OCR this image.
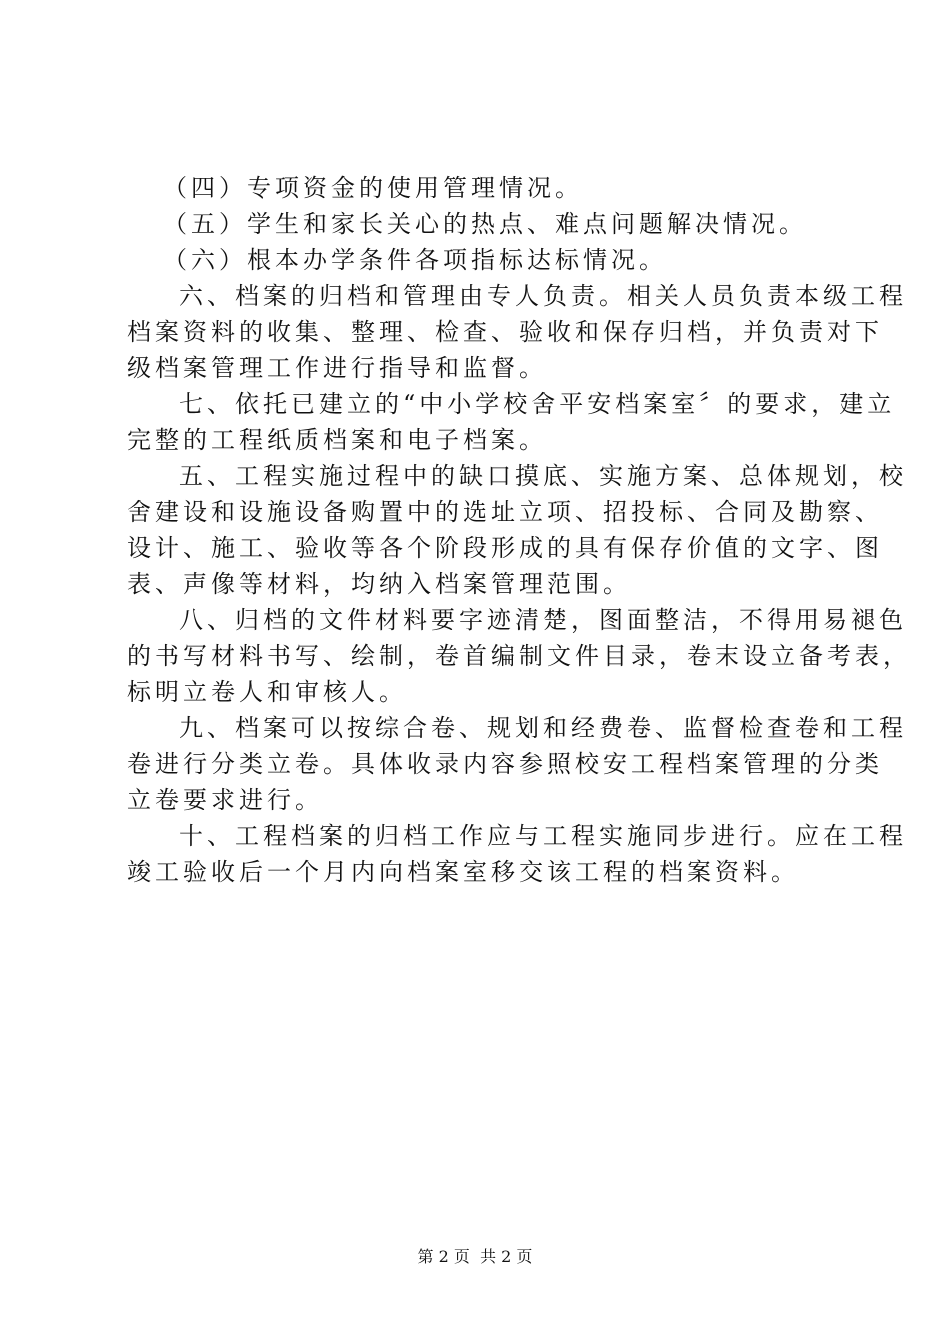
（四）专项资金的使用管理情况。
（五）学生和家长关心的热点、难点问题解决情况。
（六）根本办学条件各项指标达标情况。
六、档案的归档和管理由专人负责。相关人员负责本级工程
档案资料的收集、整理、检查、验收和保存归档，并负责对下
级档案管理工作进行指导和监督。
七、依托已建立的“中小学校舍平安档案室〞的要求，建立
完整的工程纸质档案和电子档案。
五、工程实施过程中的缺口摸底、实施方案、总体规划，校
舍建设和设施设备购置中的选址立项、招投标、合同及勘察、
设计、施工、验收等各个阶段形成的具有保存价值的文字、图
表、声像等材料，均纳入档案管理范围。
八、归档的文件材料要字迹清楚，图面整洁，不得用易褪色
的书写材料书写、绘制，卷首编制文件目录，卷末设立备考表，
标明立卷人和审核人。
九、档案可以按综合卷、规划和经费卷、监督检查卷和工程
卷进行分类立卷。具体收录内容参照校安工程档案管理的分类
立卷要求进行。
十、工程档案的归档工作应与工程实施同步进行。应在工程
竣工验收后一个月内向档案室移交该工程的档案资料。
第 2 页  共 2 页
